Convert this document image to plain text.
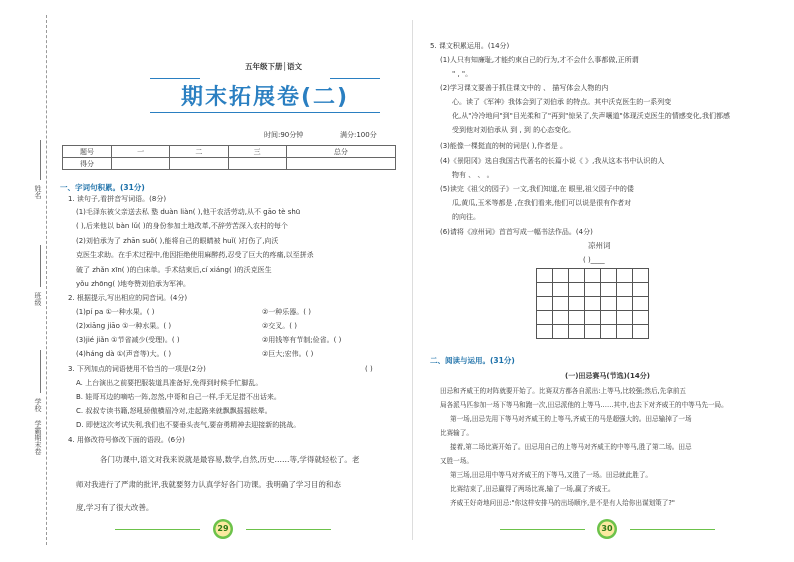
姓名
班级
学校
学霸期末卷
五年级下册│语文
期末拓展卷(二)
时间:90分钟	满分:100分
题号	一	二	三	总分
得分				
一、字词句积累。(31分)
1. 读句子,看拼音写词语。(8分)
(1)毛泽东被父亲送去私 塾 duàn liàn( ),他干农活劳动,从不 gāo tè shū
( ),后来他以 bàn lǔ( )的身份参加土地改革,不辞劳苦深入农村的每个
(2)刘伯承为了 zhān suǒ( ),能将自己的眼睛被 huǐ( )打伤了,向沃
克医生求助。在手术过程中,他因拒绝使用麻醉药,忍受了巨大的疼痛,以至拼杀
破了 zhǎn xīn( )的白床单。手术结束后,cí xiáng( )的沃克医生
yǒu zhōng( )地夸赞刘伯承为军神。
2. 根据提示,写出相应的同音词。(4分)
(1)pí pa ①一种水果。( )	②一种乐器。( )
(2)xiāng jiāo ①一种水果。( )	②交叉。( )
(3)jié jiǎn ①节省减少(受理)。( )	②用钱等有节制;俭省。( )
(4)háng dà ①(声音等)大。( )	②巨大;宏伟。( )
3. 下列加点的词语使用不恰当的一项是(2分)	( )
A. 上台演出之前要把服装道具准备好,免得到时候手忙脚乱。
B. 娃哥耳边的嘀咕一阵,忽然,中哥和自己一样,手无足措不出话来。
C. 叔叔专读书籍,怒吼骄傲横眉冷对,走起路来就飘飘摇摇眩晕。
D. 即使这次考试失利,我们也不要垂头丧气,要奋勇精神去迎接新的挑战。
4. 用修改符号修改下面的语段。(6分)
各门功课中,语文对我来说就是最容易,数学,自然,历史……等,学得就轻松了。老
师对我进行了严肃的批评,我就要努力认真学好各门功课。我明确了学习目的和态
度,学习有了很大改善。
29
5. 课文积累运用。(14分)
(1)人只有知廉耻,才能约束自己的行为,才不会什么事都做,正所谓
" , "。
(2)学习课文要善于抓住课文中的 、 描写体会人物的内
心。读了《军神》我体会到了刘伯承 的特点。其中沃克医生的一系列变
化,从"冷冷地问"到"目光柔和了"再到"惊呆了,失声嚷道"体现沃克医生的情感变化,我们都感
受到他对刘伯承从 到 , 到 的心态变化。
(3)能像一棵挺直的树的词是( ),作者是 。
(4)《景阳冈》选自我国古代著名的长篇小说《 》,我从这本书中认识的人
物有 、 、 。
(5)读完《祖父的园子》一文,我们知道,在 眼里,祖父园子中的倭
瓜,黄瓜,玉米等都是 ,在我们看来,他们可以说是很有作者对
的向往。
(6)请将《凉州词》首首写成一幅书法作品。(4分)
凉州词
( )____

二、阅读与运用。(31分)
(一)田忌赛马(节选)(14分)
田忌和齐威王的对阵就要开始了。比赛双方都各自派出:上等马,比较强;然后,先拿前五
局各派马匹参加一场下等马和跑一次,田忌派他的上等马……其中,也去下对齐威王的中等马先一局。
第一场,田忌先用下等马对齐威王的上等马,齐威王的马是超强大的。田忌输掉了一场
比赛输了。
接着,第二场比赛开始了。田忌用自己的上等马对齐威王的中等马,胜了第二场。田忌
又胜一场。
第三场,田忌用中等马对齐威王的下等马,又胜了一场。田忌就此胜了。
比赛结束了,田忌赢得了两场比赛,输了一场,赢了齐威王。
齐威王好奇地问田忌:"你这样安排马的出场顺序,是不是有人给你出谋划策了?"
30
